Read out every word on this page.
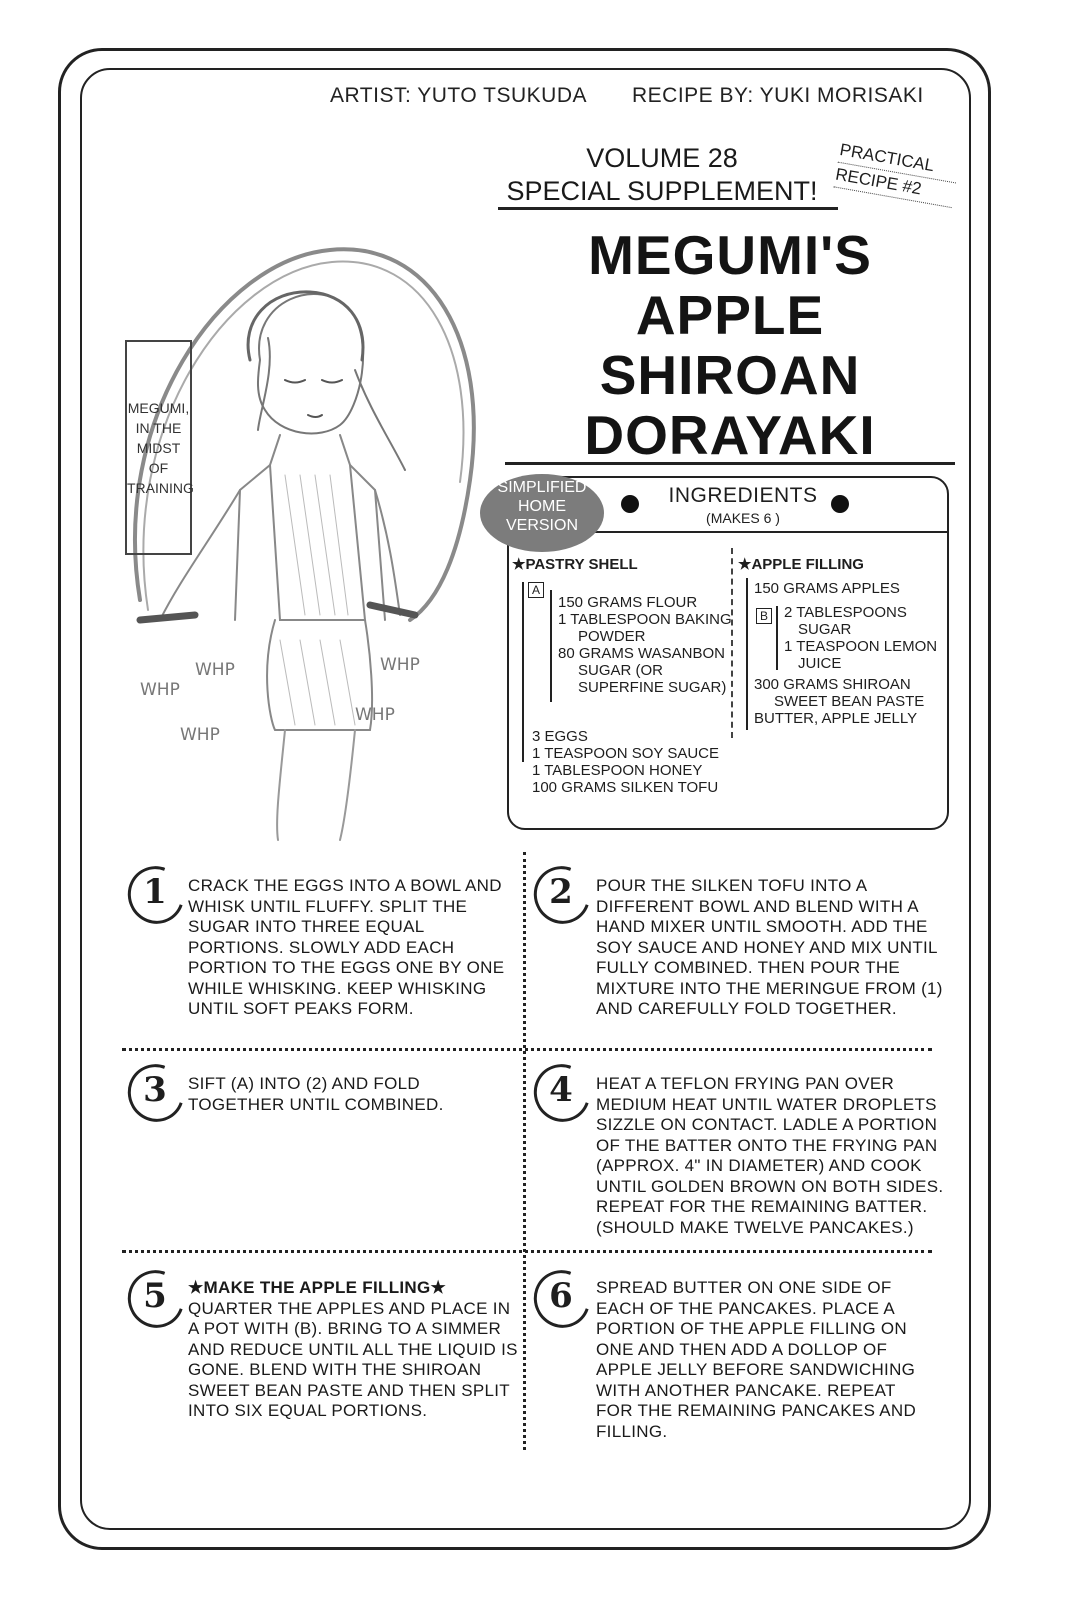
ARTIST: YUTO TSUKUDA RECIPE BY: YUKI MORISAKI
VOLUME 28
SPECIAL SUPPLEMENT!
PRACTICAL
RECIPE #2
MEGUMI'S
APPLE
SHIROAN
DORAYAKI
WHP
WHP
WHP
WHP
WHP
MEGUMI,
IN THE
MIDST OF
TRAINING	SIMPLIFIED
HOME
VERSION
INGREDIENTS
(MAKES 6 )
★PASTRY SHELL
A
150 GRAMS FLOUR
1 TABLESPOON BAKING
POWDER
80 GRAMS WASANBON
SUGAR (OR
SUPERFINE SUGAR)
3 EGGS
1 TEASPOON SOY SAUCE
1 TABLESPOON HONEY
100 GRAMS SILKEN TOFU
★APPLE FILLING
150 GRAMS APPLES
B 2 TABLESPOONS
SUGAR
1 TEASPOON LEMON
JUICE
300 GRAMS SHIROAN
SWEET BEAN PASTE
BUTTER, APPLE JELLY
1	CRACK THE EGGS INTO A BOWL AND WHISK UNTIL FLUFFY. SPLIT THE SUGAR INTO THREE EQUAL PORTIONS. SLOWLY ADD EACH PORTION TO THE EGGS ONE BY ONE WHILE WHISKING. KEEP WHISKING UNTIL SOFT PEAKS FORM.
2	POUR THE SILKEN TOFU INTO A DIFFERENT BOWL AND BLEND WITH A HAND MIXER UNTIL SMOOTH. ADD THE SOY SAUCE AND HONEY AND MIX UNTIL FULLY COMBINED. THEN POUR THE MIXTURE INTO THE MERINGUE FROM (1) AND CAREFULLY FOLD TOGETHER.
3	SIFT (A) INTO (2) AND FOLD TOGETHER UNTIL COMBINED.	4	HEAT A TEFLON FRYING PAN OVER MEDIUM HEAT UNTIL WATER DROPLETS SIZZLE ON CONTACT. LADLE A PORTION OF THE BATTER ONTO THE FRYING PAN (APPROX. 4" IN DIAMETER) AND COOK UNTIL GOLDEN BROWN ON BOTH SIDES. REPEAT FOR THE REMAINING BATTER. (SHOULD MAKE TWELVE PANCAKES.)
5	★MAKE THE APPLE FILLING★
QUARTER THE APPLES AND PLACE IN A POT WITH (B). BRING TO A SIMMER AND REDUCE UNTIL ALL THE LIQUID IS GONE. BLEND WITH THE SHIROAN SWEET BEAN PASTE AND THEN SPLIT INTO SIX EQUAL PORTIONS.
6	SPREAD BUTTER ON ONE SIDE OF EACH OF THE PANCAKES. PLACE A PORTION OF THE APPLE FILLING ON ONE AND THEN ADD A DOLLOP OF APPLE JELLY BEFORE SANDWICHING WITH ANOTHER PANCAKE. REPEAT FOR THE REMAINING PANCAKES AND FILLING.
